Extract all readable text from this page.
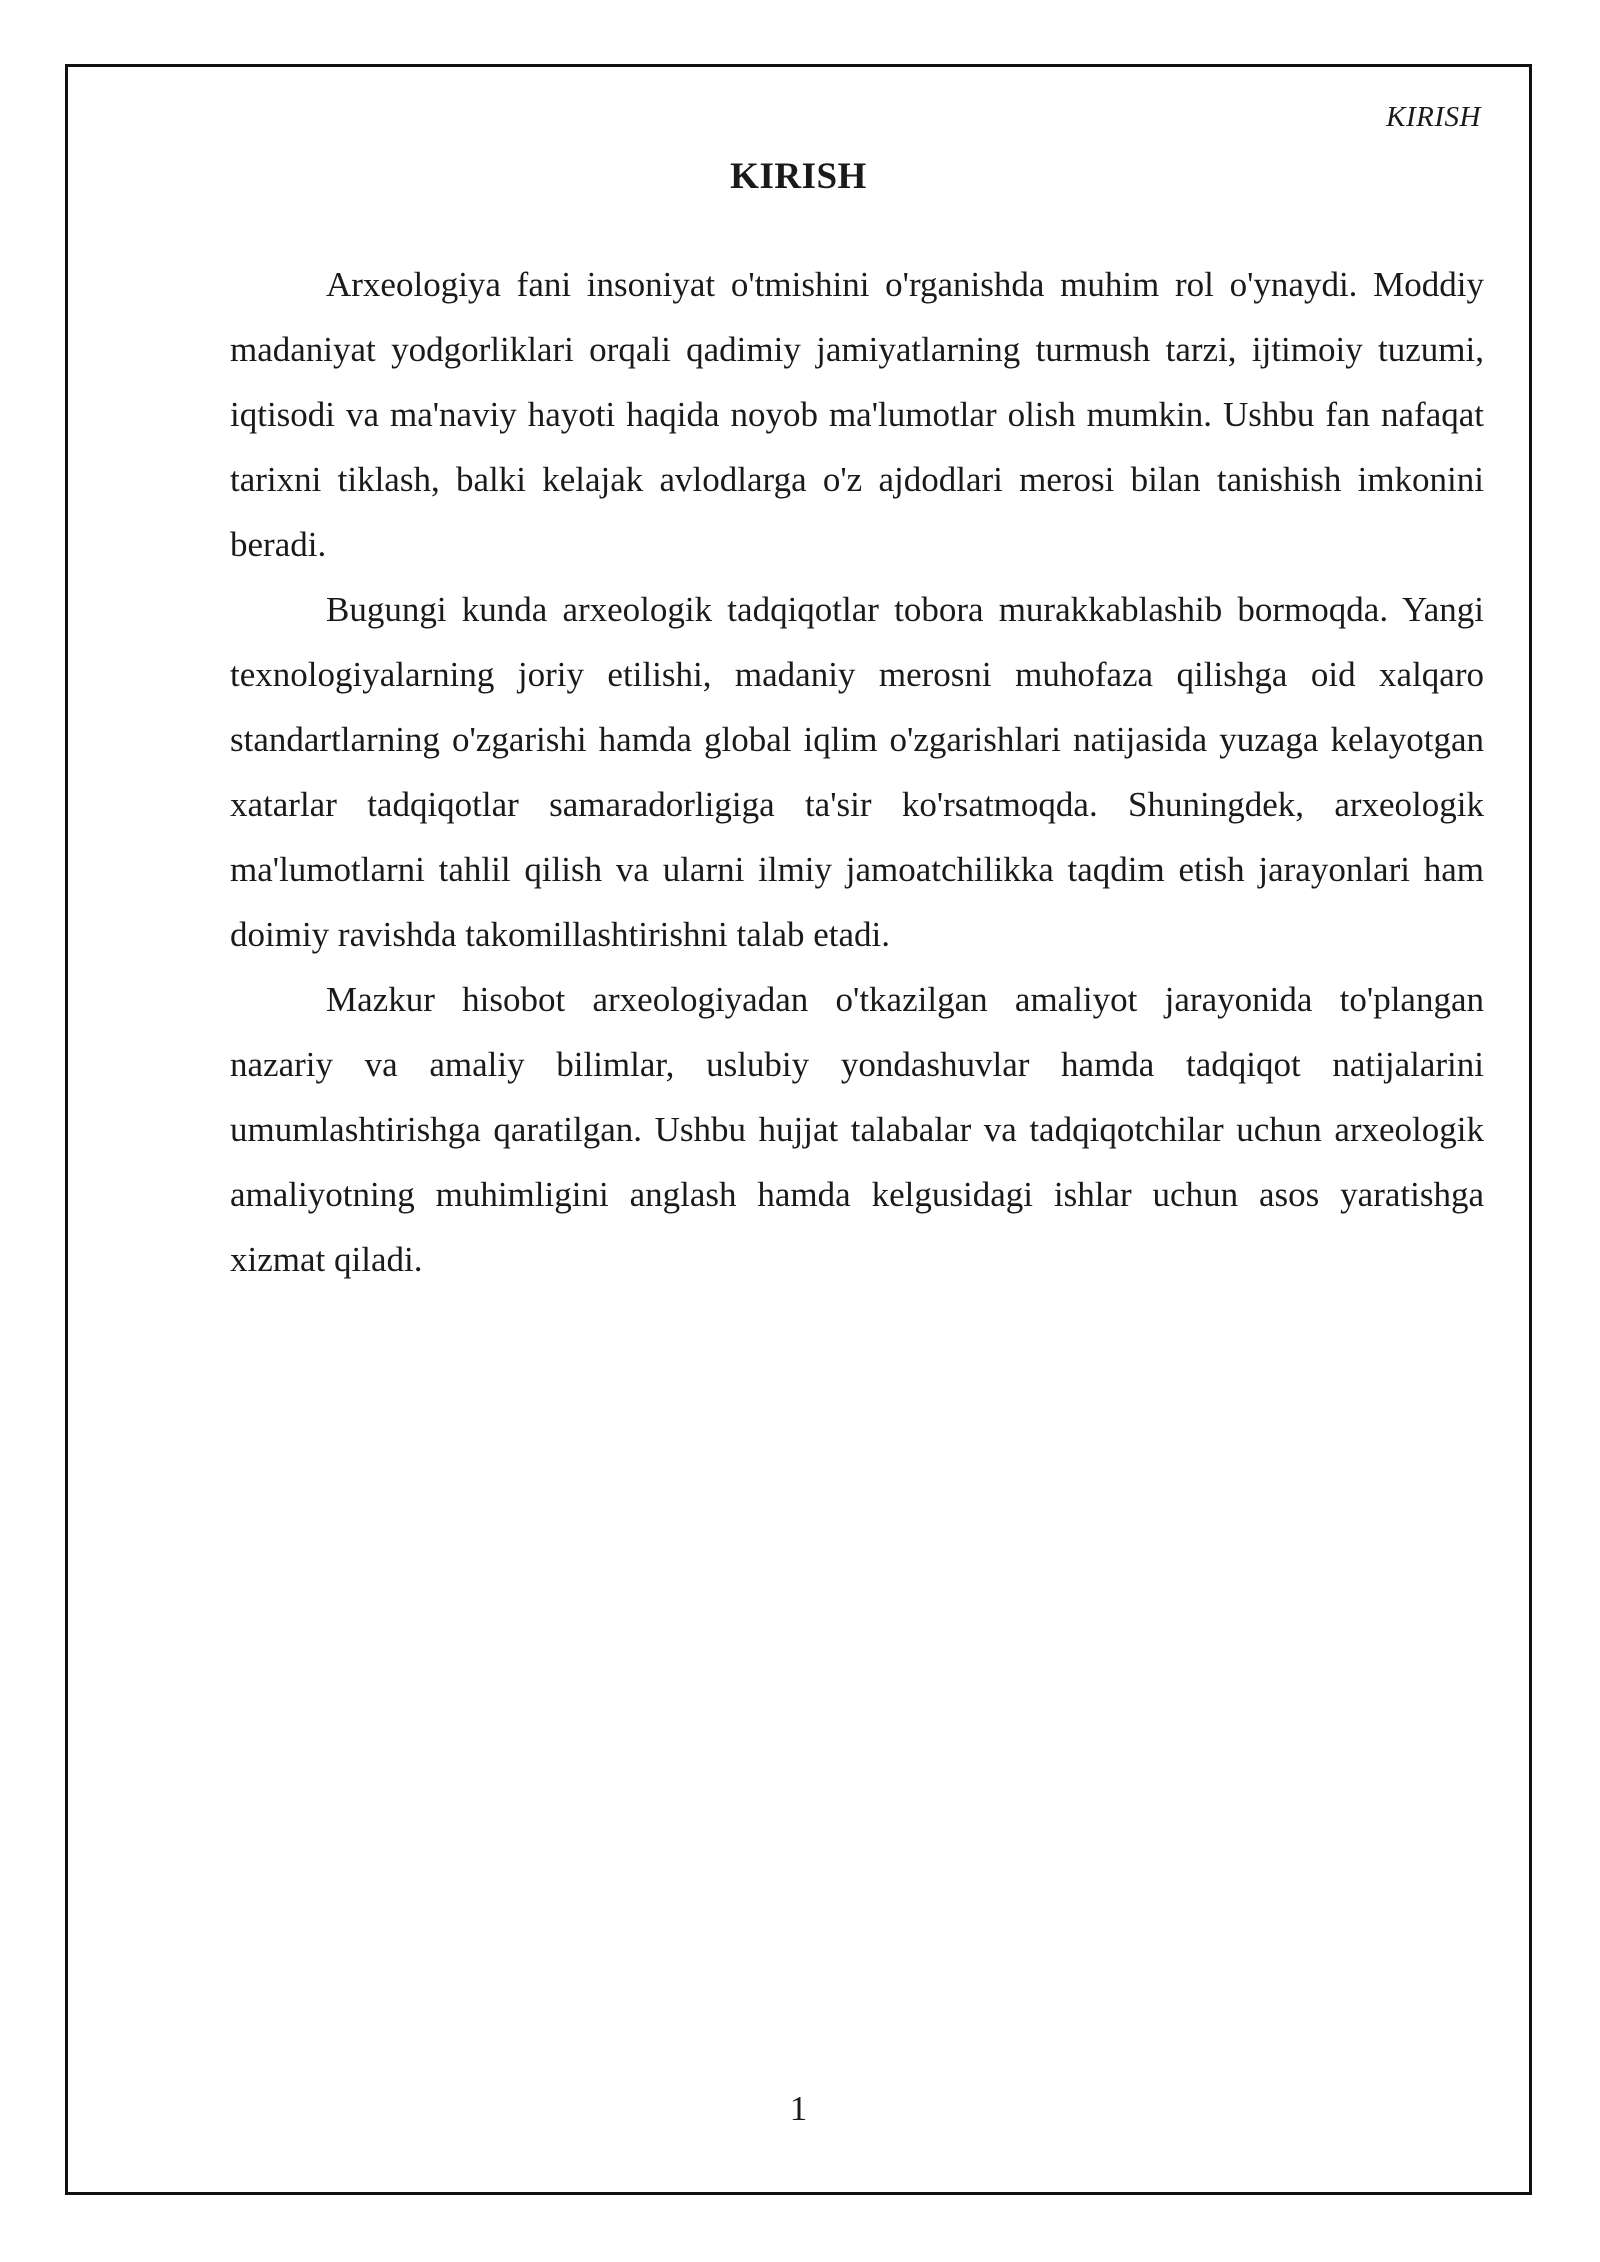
KIRISH
KIRISH

Arxeologiya fani insoniyat o'tmishini o'rganishda muhim rol o'ynaydi. Moddiy madaniyat yodgorliklari orqali qadimiy jamiyatlarning turmush tarzi, ijtimoiy tuzumi, iqtisodi va ma'naviy hayoti haqida noyob ma'lumotlar olish mumkin. Ushbu fan nafaqat tarixni tiklash, balki kelajak avlodlarga o'z ajdodlari merosi bilan tanishish imkonini beradi.

Bugungi kunda arxeologik tadqiqotlar tobora murakkablashib bormoqda. Yangi texnologiyalarning joriy etilishi, madaniy merosni muhofaza qilishga oid xalqaro standartlarning o'zgarishi hamda global iqlim o'zgarishlari natijasida yuzaga kelayotgan xatarlar tadqiqotlar samaradorligiga ta'sir ko'rsatmoqda. Shuningdek, arxeologik ma'lumotlarni tahlil qilish va ularni ilmiy jamoatchilikka taqdim etish jarayonlari ham doimiy ravishda takomillashtirishni talab etadi.

Mazkur hisobot arxeologiyadan o'tkazilgan amaliyot jarayonida to'plangan nazariy va amaliy bilimlar, uslubiy yondashuvlar hamda tadqiqot natijalarini umumlashtirishga qaratilgan. Ushbu hujjat talabalar va tadqiqotchilar uchun arxeologik amaliyotning muhimligini anglash hamda kelgusidagi ishlar uchun asos yaratishga xizmat qiladi.

1
